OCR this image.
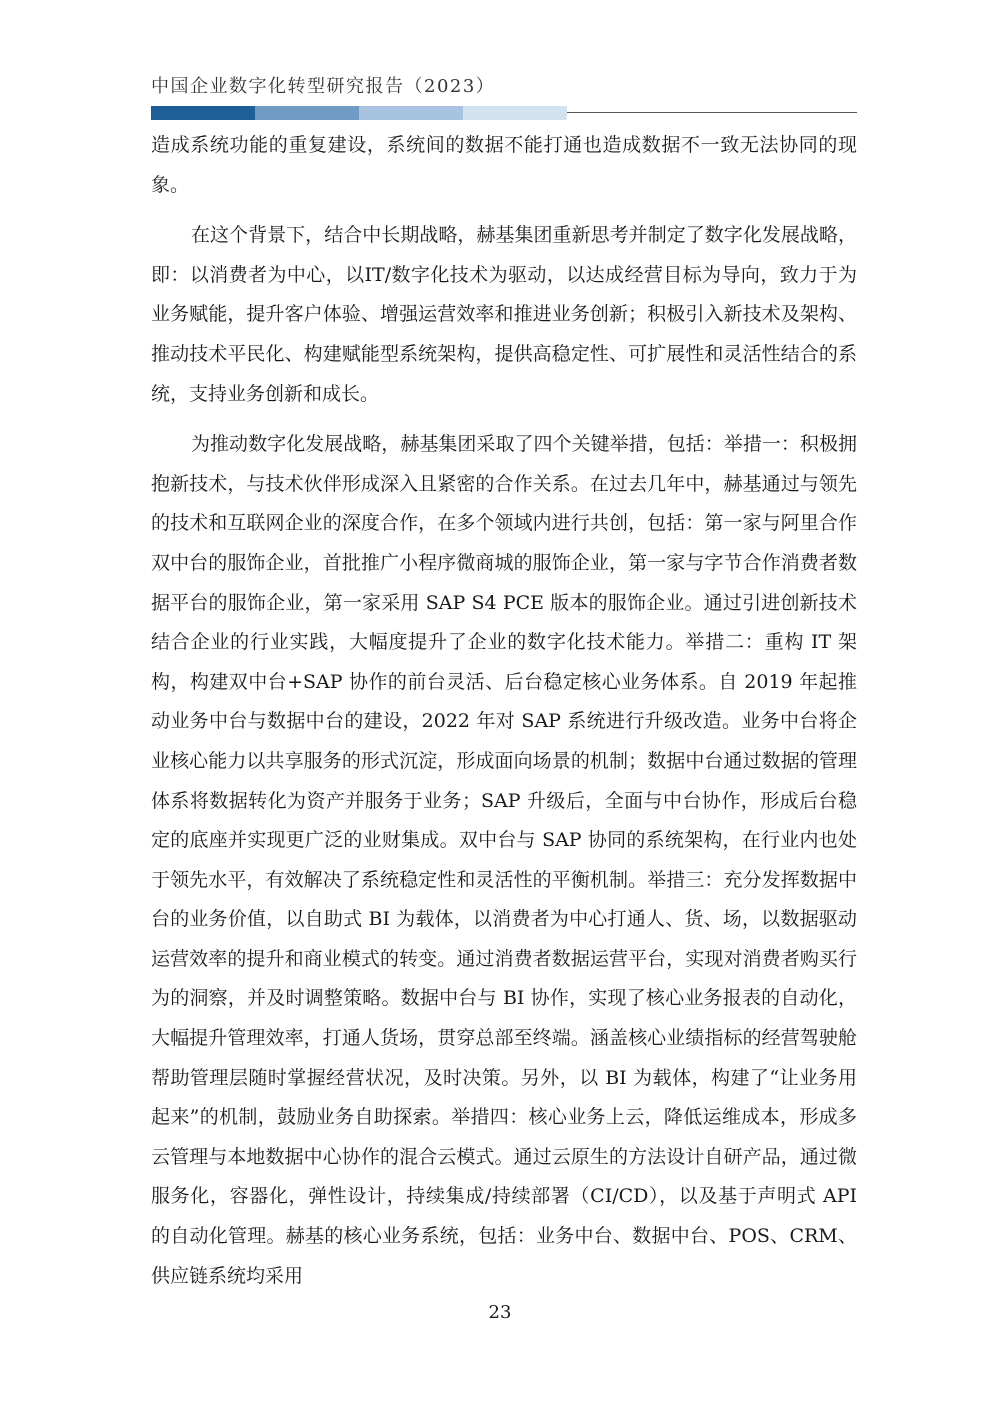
中国企业数字化转型研究报告（2023）

造成系统功能的重复建设，系统间的数据不能打通也造成数据不一致无法协同的现象。

在这个背景下，结合中长期战略，赫基集团重新思考并制定了数字化发展战略，即：以消费者为中心，以IT/数字化技术为驱动，以达成经营目标为导向，致力于为业务赋能，提升客户体验、增强运营效率和推进业务创新；积极引入新技术及架构、推动技术平民化、构建赋能型系统架构，提供高稳定性、可扩展性和灵活性结合的系统，支持业务创新和成长。

为推动数字化发展战略，赫基集团采取了四个关键举措，包括：举措一：积极拥抱新技术，与技术伙伴形成深入且紧密的合作关系。在过去几年中，赫基通过与领先的技术和互联网企业的深度合作，在多个领域内进行共创，包括：第一家与阿里合作双中台的服饰企业，首批推广小程序微商城的服饰企业，第一家与字节合作消费者数据平台的服饰企业，第一家采用 SAP S4 PCE 版本的服饰企业。通过引进创新技术结合企业的行业实践，大幅度提升了企业的数字化技术能力。举措二：重构 IT 架构，构建双中台+SAP 协作的前台灵活、后台稳定核心业务体系。自 2019 年起推动业务中台与数据中台的建设，2022 年对 SAP 系统进行升级改造。业务中台将企业核心能力以共享服务的形式沉淀，形成面向场景的机制；数据中台通过数据的管理体系将数据转化为资产并服务于业务；SAP 升级后，全面与中台协作，形成后台稳定的底座并实现更广泛的业财集成。双中台与 SAP 协同的系统架构，在行业内也处于领先水平，有效解决了系统稳定性和灵活性的平衡机制。举措三：充分发挥数据中台的业务价值，以自助式 BI 为载体，以消费者为中心打通人、货、场，以数据驱动运营效率的提升和商业模式的转变。通过消费者数据运营平台，实现对消费者购买行为的洞察，并及时调整策略。数据中台与 BI 协作，实现了核心业务报表的自动化，大幅提升管理效率，打通人货场，贯穿总部至终端。涵盖核心业绩指标的经营驾驶舱帮助管理层随时掌握经营状况，及时决策。另外，以 BI 为载体，构建了“让业务用起来”的机制，鼓励业务自助探索。举措四：核心业务上云，降低运维成本，形成多云管理与本地数据中心协作的混合云模式。通过云原生的方法设计自研产品，通过微服务化，容器化，弹性设计，持续集成/持续部署（CI/CD），以及基于声明式 API 的自动化管理。赫基的核心业务系统，包括：业务中台、数据中台、POS、CRM、供应链系统均采用

23
